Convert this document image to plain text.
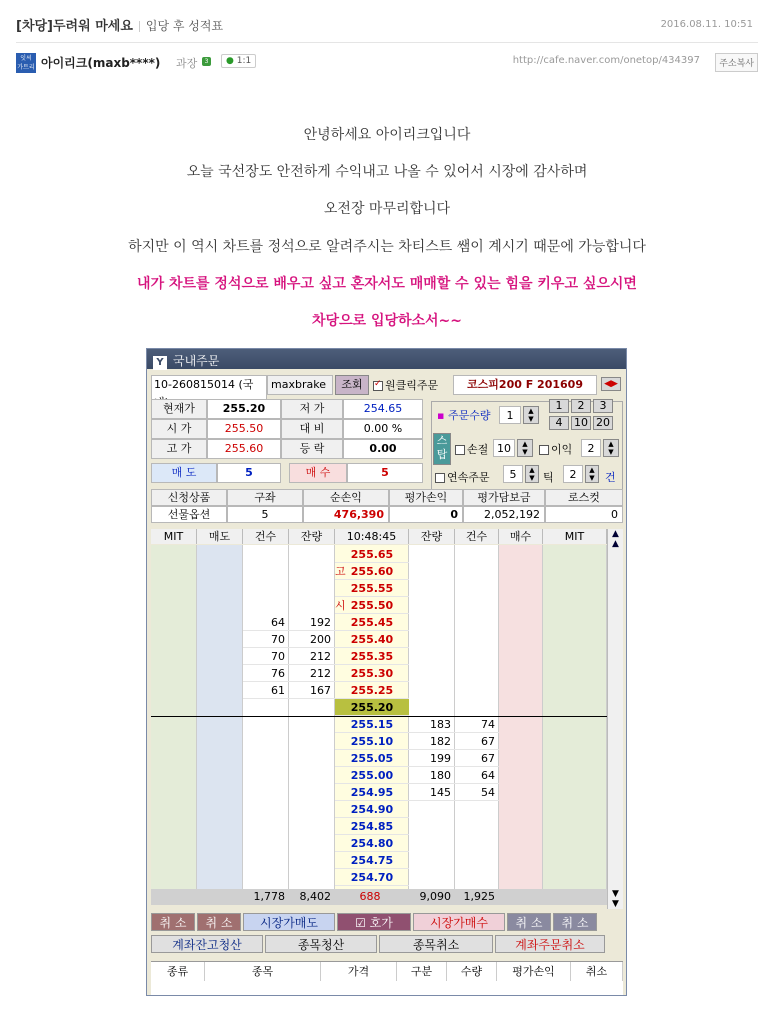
[차당]두려워 마세요 입당 후 성적표	2016.08.11. 10:51
잇씨
가트리 아이리크(maxb****) 과장	3	● 1:1	http://cafe.naver.com/onetop/434397	주소복사
안녕하세요 아이리크입니다
오늘 국선장도 안전하게 수익내고 나올 수 있어서 시장에 감사하며
오전장 마무리합니다
하지만 이 역시 차트를 정석으로 알려주시는 차티스트 쌤이 계시기 때문에 가능합니다
내가 차트를 정석으로 배우고 싶고 혼자서도 매매할 수 있는 힘을 키우고 싶으시면
차당으로 입당하소서~~
Y 국내주문
10-260815014 (국	maxbrake	조회
✓	원클릭주문	코스피200 F 201609	◀▶
현재가	255.20	저 가	254.65
시 가	255.50	대 비	0.00 %
고 가	255.60	등 락	0.00
매 도	5	매 수	5
▪ 주문수량	1	▲
▼
1	2	3
4	10 20
스탑	손절 10	▲
▼	이익	2	▲
▼
연속주문	5	▲
▼ 틱	2	▲
▼ 건
신청상품	구좌	순손익	평가손익	평가담보금	로스컷
선물옵션	5	476,390	0	2,052,192	0
MIT	매도	건수	잔량	10:48:45	잔량	건수	매수	MIT
255.65
고 255.60
255.55
시 255.50
64	192	255.45
70	200	255.40
70	212	255.35
76	212	255.30
61	167	255.25
255.20
255.15	183	74
255.10	182	67
255.05	199	67
255.00	180	64
254.95	145	54
254.90
254.85
254.80
254.75
254.70
1,778	8,402	688	9,090	1,925
▲
▲
▼
▼
취 소	취 소	시장가매도	☑ 호가	시장가매수	취 소	취 소
계좌잔고청산	종목청산	종목취소	계좌주문취소
종류	종목	가격	구분	수량	평가손익	취소
